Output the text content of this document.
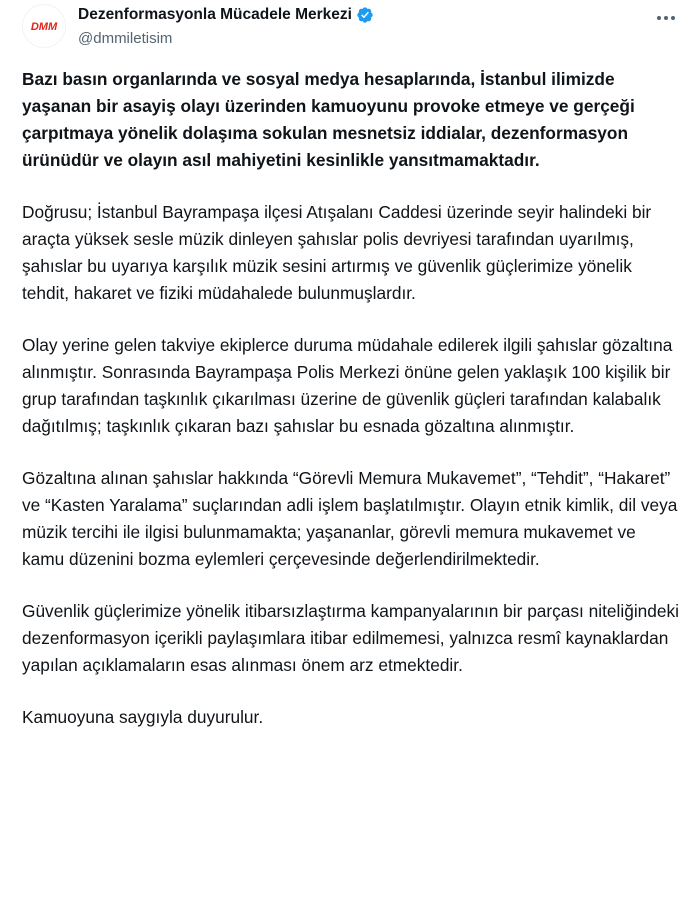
DMM
Dezenformasyonla Mücadele Merkezi
@dmmiletisim

Bazı basın organlarında ve sosyal medya hesaplarında, İstanbul ilimizde yaşanan bir asayiş olayı üzerinden kamuoyunu provoke etmeye ve gerçeği çarpıtmaya yönelik dolaşıma sokulan mesnetsiz iddialar, dezenformasyon ürünüdür ve olayın asıl mahiyetini kesinlikle yansıtmamaktadır.

Doğrusu; İstanbul Bayrampaşa ilçesi Atışalanı Caddesi üzerinde seyir halindeki bir araçta yüksek sesle müzik dinleyen şahıslar polis devriyesi tarafından uyarılmış, şahıslar bu uyarıya karşılık müzik sesini artırmış ve güvenlik güçlerimize yönelik tehdit, hakaret ve fiziki müdahalede bulunmuşlardır.

Olay yerine gelen takviye ekiplerce duruma müdahale edilerek ilgili şahıslar gözaltına alınmıştır. Sonrasında Bayrampaşa Polis Merkezi önüne gelen yaklaşık 100 kişilik bir grup tarafından taşkınlık çıkarılması üzerine de güvenlik güçleri tarafından kalabalık dağıtılmış; taşkınlık çıkaran bazı şahıslar bu esnada gözaltına alınmıştır.

Gözaltına alınan şahıslar hakkında “Görevli Memura Mukavemet”, “Tehdit”, “Hakaret” ve “Kasten Yaralama” suçlarından adli işlem başlatılmıştır. Olayın etnik kimlik, dil veya müzik tercihi ile ilgisi bulunmamakta; yaşananlar, görevli memura mukavemet ve kamu düzenini bozma eylemleri çerçevesinde değerlendirilmektedir.

Güvenlik güçlerimize yönelik itibarsızlaştırma kampanyalarının bir parçası niteliğindeki dezenformasyon içerikli paylaşımlara itibar edilmemesi, yalnızca resmî kaynaklardan yapılan açıklamaların esas alınması önem arz etmektedir.

Kamuoyuna saygıyla duyurulur.
